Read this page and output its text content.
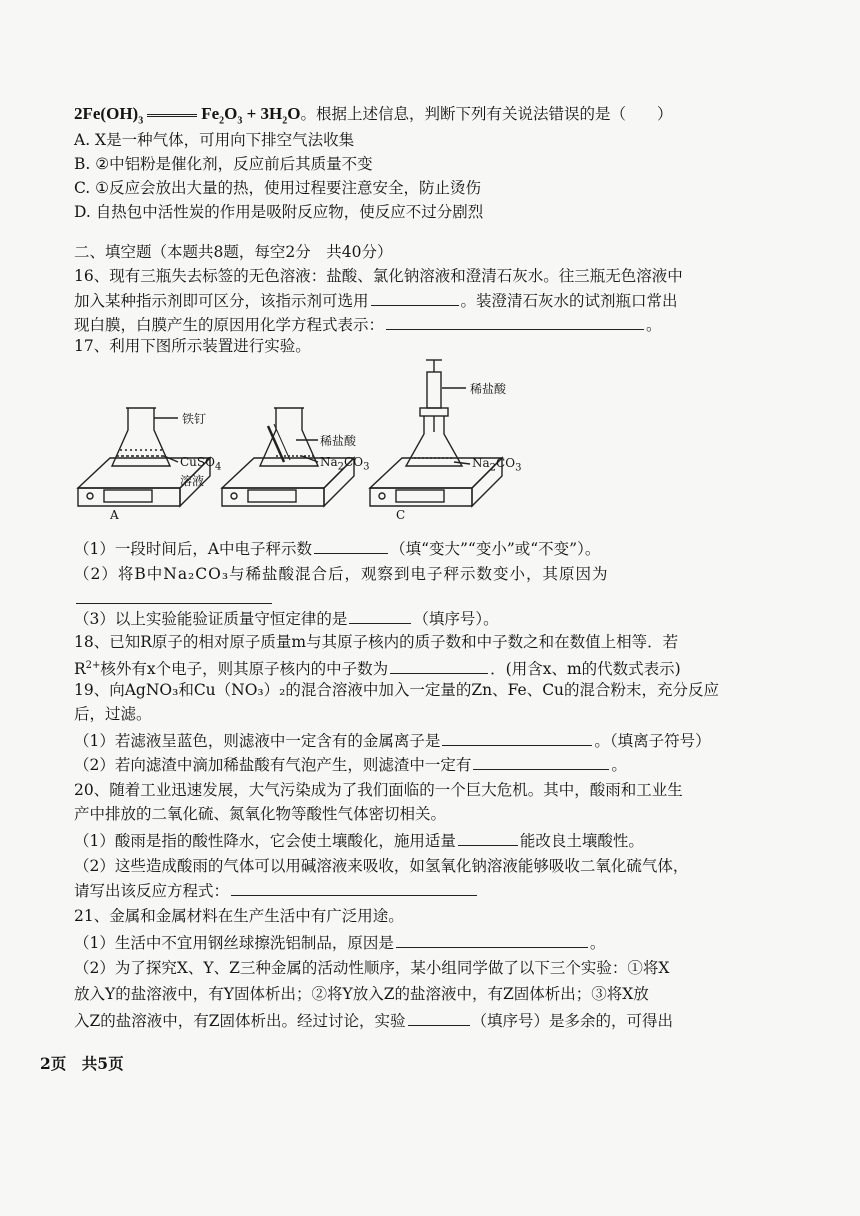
$2Fe(OH)_3$	$Fe_2O_3 + 3H_2O$。根据上述信息，判断下列有关说法错误的是（　　）
A. X是一种气体，可用向下排空气法收集
B. ②中铝粉是催化剂，反应前后其质量不变
C. ①反应会放出大量的热，使用过程要注意安全，防止烫伤
D. 自热包中活性炭的作用是吸附反应物，使反应不过分剧烈
二、填空题（本题共8题，每空2分　共40分）
16、现有三瓶失去标签的无色溶液：盐酸、氯化钠溶液和澄清石灰水。往三瓶无色溶液中
加入某种指示剂即可区分，该指示剂可选用	。装澄清石灰水的试剂瓶口常出
现白膜，白膜产生的原因用化学方程式表示：	。
17、利用下图所示装置进行实验。
铁钉
CuSO$_4$
溶液
A
稀盐酸
$Na_2CO_3$
稀盐酸
$Na_2CO_3$
C
（1）一段时间后，A中电子秤示数	（填“变大”“变小”或“不变”）。
（2）将B中Na₂CO₃与稀盐酸混合后，观察到电子秤示数变小，其原因为
（3）以上实验能验证质量守恒定律的是	（填序号）。
18、已知R原子的相对原子质量m与其原子核内的质子数和中子数之和在数值上相等．若
$R^{2+}$核外有x个电子，则其原子核内的中子数为	．(用含x、m的代数式表示)
19、向AgNO₃和Cu（NO₃）₂的混合溶液中加入一定量的Zn、Fe、Cu的混合粉末，充分反应
后，过滤。
（1）若滤液呈蓝色，则滤液中一定含有的金属离子是	。（填离子符号）
（2）若向滤渣中滴加稀盐酸有气泡产生，则滤渣中一定有	。
20、随着工业迅速发展，大气污染成为了我们面临的一个巨大危机。其中，酸雨和工业生
产中排放的二氧化硫、氮氧化物等酸性气体密切相关。
（1）酸雨是指的酸性降水，它会使土壤酸化，施用适量	能改良土壤酸性。
（2）这些造成酸雨的气体可以用碱溶液来吸收，如氢氧化钠溶液能够吸收二氧化硫气体，
请写出该反应方程式：
21、金属和金属材料在生产生活中有广泛用途。
（1）生活中不宜用钢丝球擦洗铝制品，原因是	。
（2）为了探究X、Y、Z三种金属的活动性顺序，某小组同学做了以下三个实验：①将X
放入Y的盐溶液中，有Y固体析出；②将Y放入Z的盐溶液中，有Z固体析出；③将X放
入Z的盐溶液中，有Z固体析出。经过讨论，实验	（填序号）是多余的，可得出
2页　共5页
